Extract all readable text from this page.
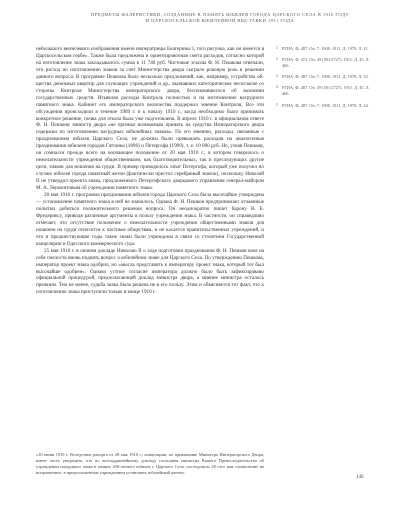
ПРЕДМЕТЫ ФАЛЕРИСТИКИ, СОЗДАННЫЕ В ПАМЯТЬ ЮБИЛЕЯ ГОРОДА ЦАРСКОГО СЕЛА В 1910 ГОДУ
И ЦАРСКОСЕЛЬСКОЙ ЮБИЛЕЙНОЙ ВЫСТАВКИ 1911 ГОДА

небольшого вензелевого изображения имени императрицы Екатерины I, того рисунка, как он имеется в Царскосельском гербе». Также была предложена и ориентировочная смета расходов, согласно которой на изготовление знака закладывалось сумма в 11 740 руб. Чистовые эскизы Ф. Н. Пешкова отвечали, что расход по изготовлению знаков за счет Министерства двора сыграло роковую роль в решении данного вопроса. В программе Пешкова было несколько предложений, как, например, устройство общества денежных квартир для служащих учреждений и др., вызвавших категорическое несогласие со стороны Контроля Министерства императорского двора, беспокоившегося об экономии государственных средств. Изъявляя расходы Контроль полностью и на изготовление нагрудного памятного знака. Кабинет его императорского величества поддержал мнение Контроля. Все эти обсуждения происходили в течение 1909 г. и к началу 1910 г., когда необходимо было принимать конкретное решение, почва для отказа была уже подготовлена. В апреле 1910 г. в официальном ответе Ф. Н. Пешкову министр двора «не признал возможным принять на средства Императорского двора издержки по изготовлению нагрудных юбилейных знаков». По его мнению, расходы, связанные с празднованием юбилея Царского Села, не должны были превышать расходов на аналогичные празднования юбилеев городов Гатчины (1896) и Петергофа (1909), т. е. 10 000 руб. Но, узнав Пешкову, он сомнался прежде всего на воочающее положение от 20 мая 1910 г., в котором говорилось о нежелательности учреждения общественными, как благотворительных, так и преследующих другие цели, знаков для ношения на груди. В пример приводилось опыт Петергофа, который уже получил по случаю юбилея города памятный жетон (фактически престол серебряный значок), поскольку Николай II не утвердил проекта знака, предложенного Петергофского дворцового управления генерал-майором М. А. Лермонтовым об учреждении памятного знака.

20 мая 1910 г. программа празднования юбилея города Царского Села была высочайше утверждена — установление памятного знака в ней не значилось. Однако Ф. Н. Пешков предпринимает отчаянные попытки добиться положительного решения вопроса. Он неоднократно пишет барону В. Б. Фредериксу, приводя различные аргументы в пользу учреждения знака. В частности, он справедливо отмечает, что отсутствие положение о нежелательности учреждения общественными знаков для ношения на груди относится к частным обществам, и не касается правительственных учреждений, и что в предшествующие годы такие знаки были учреждены в связи со столетием Государственной канцелярии и Одесского коммерческого суда.

25 мая 1910 г. в личном докладе Николаю II о ходе подготовки празднования Ф. Н. Пешков взял на себя смелость вновь поднять вопрос о юбилейном знаке для Царского Села. По утверждению Пешкова, император проект знака одобрил, но «мысль представить к императору проект знака, который тот был высочайше одобрен». Однако устное согласие императора должно было быть зафиксировано официальной процедурой, предполагающей доклад министра двора, а мнение министра осталось прежним. Тем не менее, судьба знака была решена не в его пользу. Этим и объясняется тот факт, что к изготовлению знака приступили только в конце 1910 г.

1 РГИА. Ф. 487. Оп. 7. 1908–1911. Д. 1978. Л. 11.
2 РГИА. Ф. 472. Оп. 49 (501/2727). 1911. Д. 45. Л. 466.
3 РГИА. Ф. 487. Оп. 7. 1908–1911. Д. 1978. Л. 33.
4 РГИА. Ф. 487. Оп. 49 (501/2727). 1911. Д. 45. Л. 466.
5 РГИА. Ф. 487. Оп. 7. 1908–1911. Д. 1978. Л. 44.
«10 июня 1910 г. Вследствие рапорта от 28 мая 1910 г., канцелярия, по приказанию Министра Императорского Двора, имеет честь уведомить, что по всеподданнейшему докладу господина министра Вашего Превосходительства об учреждении нагрудного знака в память 200-летнего юбилея г. Царского Села, последовало 28 сего мая соизволение на испрошенное, в предположенном учреждением установить юбилейный жетон».
140
